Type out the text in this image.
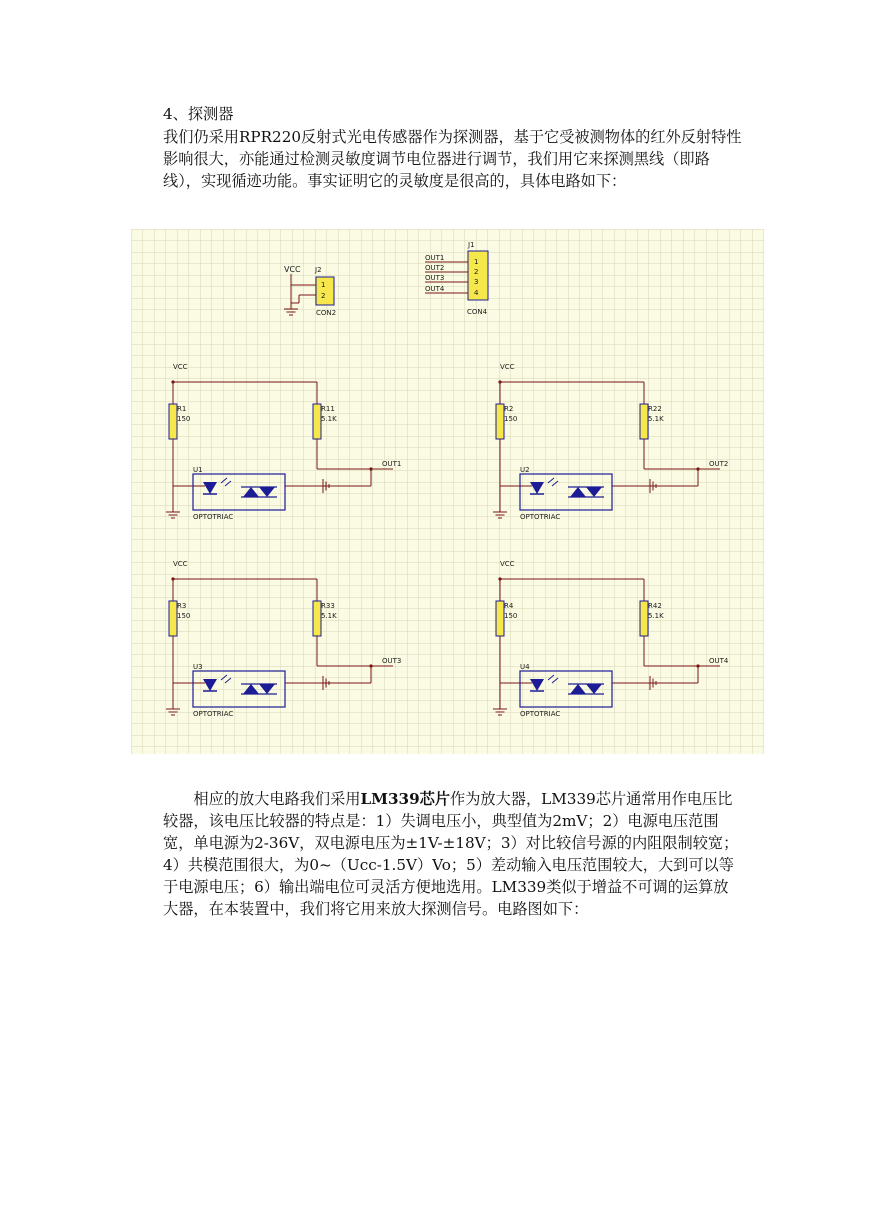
4、探测器

我们仍采用RPR220反射式光电传感器作为探测器，基于它受被测物体的红外反射特性影响很大，亦能通过检测灵敏度调节电位器进行调节，我们用它来探测黑线（即路线），实现循迹功能。事实证明它的灵敏度是很高的，具体电路如下：

VCC J2
1
2
CON2
J1
OUT1
OUT2
OUT3
OUT4
1
2
3
4
CON4
VCC
R1
150
R11
5.1K
OUT1
U1
OPTOTRIAC
VCC
R2
150
R22
5.1K
OUT2
U2
OPTOTRIAC
VCC
R3
150
R33
5.1K
OUT3
U3
OPTOTRIAC
VCC
R4
150
R42
5.1K
OUT4
U4
OPTOTRIAC

相应的放大电路我们采用LM339芯片作为放大器，LM339芯片通常用作电压比较器，该电压比较器的特点是：1）失调电压小，典型值为2mV；2）电源电压范围宽，单电源为2-36V，双电源电压为±1V-±18V；3）对比较信号源的内阻限制较宽；4）共模范围很大，为0~（Ucc-1.5V）Vo；5）差动输入电压范围较大，大到可以等于电源电压；6）输出端电位可灵活方便地选用。LM339类似于增益不可调的运算放大器，在本装置中，我们将它用来放大探测信号。电路图如下：
